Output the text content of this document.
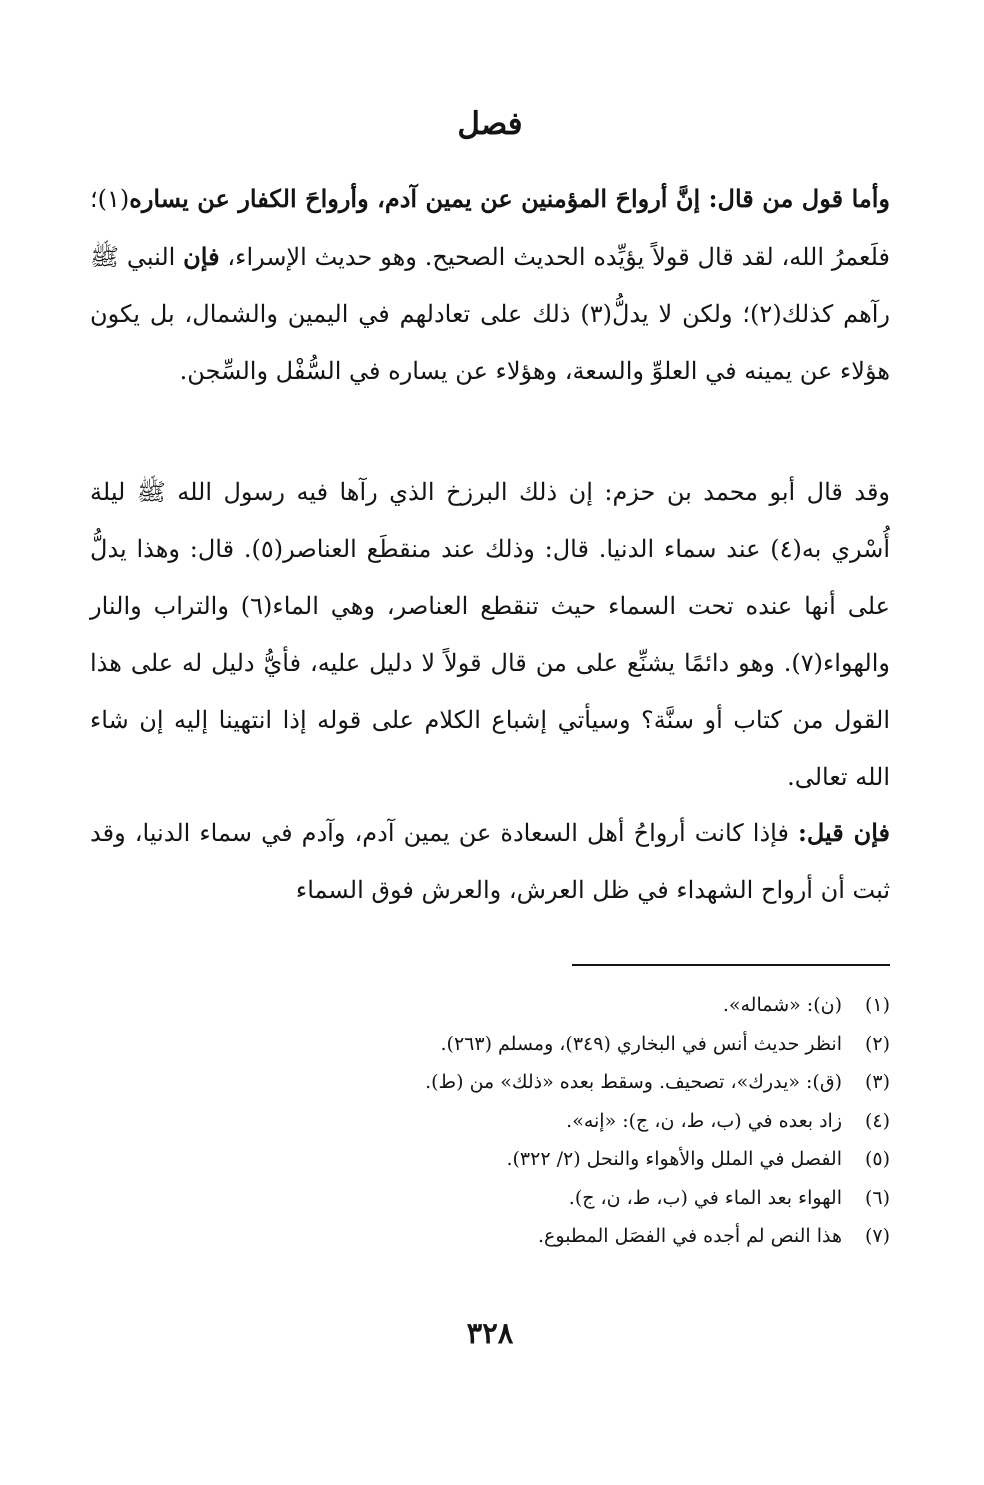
فصل

وأما قول من قال: إنَّ أرواحَ المؤمنين عن يمين آدم، وأرواحَ الكفار عن يساره(١)؛ فلَعمرُ الله، لقد قال قولاً يؤيِّده الحديث الصحيح. وهو حديث الإسراء، فإن النبي ﷺ رآهم كذلك(٢)؛ ولكن لا يدلُّ(٣) ذلك على تعادلهم في اليمين والشمال، بل يكون هؤلاء عن يمينه في العلوِّ والسعة، وهؤلاء عن يساره في السُّفْل والسِّجن.

وقد قال أبو محمد بن حزم: إن ذلك البرزخ الذي رآها فيه رسول الله ﷺ ليلة أُسْري به(٤) عند سماء الدنيا. قال: وذلك عند منقطَع العناصر(٥). قال: وهذا يدلُّ على أنها عنده تحت السماء حيث تنقطع العناصر، وهي الماء(٦) والتراب والنار والهواء(٧). وهو دائمًا يشنِّع على من قال قولاً لا دليل عليه، فأيُّ دليل له على هذا القول من كتاب أو سنَّة؟ وسيأتي إشباع الكلام على قوله إذا انتهينا إليه إن شاء الله تعالى.

فإن قيل: فإذا كانت أرواحُ أهل السعادة عن يمين آدم، وآدم في سماء الدنيا، وقد ثبت أن أرواح الشهداء في ظل العرش، والعرش فوق السماء

(١)
(ن): «شماله».
(٢)
انظر حديث أنس في البخاري (٣٤٩)، ومسلم (٢٦٣).
(٣)
(ق): «يدرك»، تصحيف. وسقط بعده «ذلك» من (ط).
(٤)
زاد بعده في (ب، ط، ن، ج): «إنه».
(٥)
الفصل في الملل والأهواء والنحل (٢/ ٣٢٢).
(٦)
الهواء بعد الماء في (ب، ط، ن، ج).
(٧)
هذا النص لم أجده في الفصَل المطبوع.
٣٢٨
